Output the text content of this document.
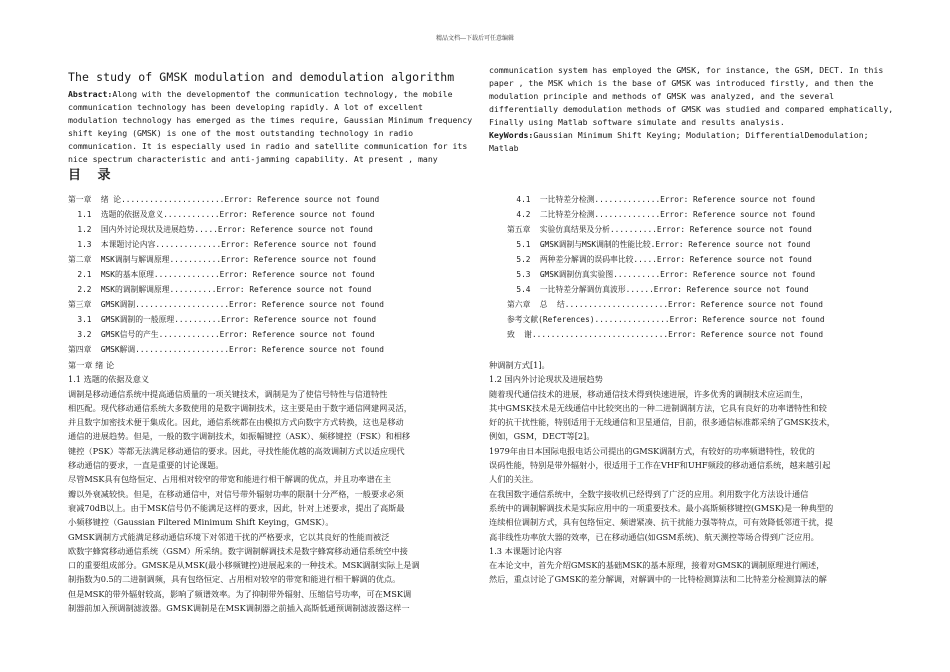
精品文档---下载后可任意编辑
The study of GMSK modulation and demodulation algorithm
Abstract:Along with the developmentof the communication technology, the mobile
communication technology has been developing rapidly. A lot of excellent
modulation technology has emerged as the times require, Gaussian Minimum frequency
shift keying (GMSK) is one of the most outstanding technology in radio
communication. It is especially used in radio and satellite communication for its
nice spectrum characteristic and anti-jamming capability. At present , many
communication system has employed the GMSK, for instance, the GSM, DECT. In this
paper , the MSK which is the base of GMSK was introduced firstly, and then the
modulation principle and methods of GMSK was analyzed, and the several
differentially demodulation methods of GMSK was studied and compared emphatically,
Finally using Matlab software simulate and results analysis.
KeyWords:Gaussian Minimum Shift Keying; Modulation; DifferentialDemodulation;
Matlab
目 录
第一章  绪 论......................Error: Reference source not found
1.1  选题的依据及意义............Error: Reference source not found
1.2  国内外讨论现状及进展趋势.....Error: Reference source not found
1.3  本课题讨论内容..............Error: Reference source not found
第二章  MSK调制与解调原理...........Error: Reference source not found
2.1  MSK的基本原理..............Error: Reference source not found
2.2  MSK的调制解调原理..........Error: Reference source not found
第三章  GMSK调制....................Error: Reference source not found
3.1  GMSK调制的一般原理..........Error: Reference source not found
3.2  GMSK信号的产生.............Error: Reference source not found
第四章  GMSK解调....................Error: Reference source not found
4.1  一比特差分检测..............Error: Reference source not found
4.2  二比特差分检测..............Error: Reference source not found
第五章  实验仿真结果及分析..........Error: Reference source not found
5.1  GMSK调制与MSK调制的性能比较.Error: Reference source not found
5.2  两种差分解调的误码率比较.....Error: Reference source not found
5.3  GMSK调制仿真实验图..........Error: Reference source not found
5.4  一比特差分解调仿真波形......Error: Reference source not found
第六章  总  结......................Error: Reference source not found
参考文献(References)................Error: Reference source not found
致  谢.............................Error: Reference source not found

第一章 绪 论

1.1 选题的依据及意义

调制是移动通信系统中提高通信质量的一项关键技术，调制是为了使信号特性与信道特性

相匹配。现代移动通信系统大多数使用的是数字调制技术，这主要是由于数字通信网建网灵活，

并且数字加密技术便于集成化。因此，通信系统都在由模拟方式向数字方式转换，这也是移动

通信的进展趋势。但是，一般的数字调制技术，如振幅键控（ASK）、频移键控（FSK）和相移

键控（PSK）等都无法满足移动通信的要求。因此，寻找性能优越的高效调制方式以适应现代

移动通信的要求，一直是重要的讨论课题。

尽管MSK具有包络恒定、占用相对较窄的带宽和能进行相干解调的优点，并且功率谱在主

瓣以外衰减较快。但是，在移动通信中，对信号带外辐射功率的限制十分严格，一般要求必须

衰减70dB以上。由于MSK信号仍不能满足这样的要求，因此，针对上述要求，提出了高斯最

小频移键控（Gaussian Filtered Minimum Shift Keying，GMSK）。

GMSK调制方式能满足移动通信环境下对邻道干扰的严格要求，它以其良好的性能而被泛

欧数字蜂窝移动通信系统（GSM）所采纳。数字调制解调技术是数字蜂窝移动通信系统空中接

口的重要组成部分。GMSK是从MSK(最小移频键控)进展起来的一种技术。MSK调制实际上是调

制指数为0.5的二进制调频，具有包络恒定、占用相对较窄的带宽和能进行相干解调的优点。

但是MSK的带外辐射较高，影响了频谱效率。为了抑制带外辐射、压缩信号功率，可在MSK调

制器前加入预调制滤波器。GMSK调制是在MSK调制器之前插入高斯低通预调制滤波器这样一

种调制方式[1]。

1.2 国内外讨论现状及进展趋势

随着现代通信技术的进展，移动通信技术得到快速进展，许多优秀的调制技术应运而生，

其中GMSK技术是无线通信中比较突出的一种二进制调制方法，它具有良好的功率谱特性和较

好的抗干扰性能，特别适用于无线通信和卫星通信，目前，很多通信标准都采纳了GMSK技术，

例如，GSM，DECT等[2]。

1979年由日本国际电报电话公司提出的GMSK调制方式，有较好的功率频谱特性，较优的

误码性能，特别是带外辐射小，很适用于工作在VHF和UHF频段的移动通信系统，越来越引起

人们的关注。

在我国数字通信系统中，全数字接收机已经得到了广泛的应用。利用数字化方法设计通信

系统中的调制解调技术是实际应用中的一项重要技术。最小高斯频移键控(GMSK)是一种典型的

连续相位调制方式，具有包络恒定、频谱紧凑、抗干扰能力强等特点，可有效降低邻道干扰，提

高非线性功率放大器的效率，已在移动通信(如GSM系统)、航天测控等场合得到广泛应用。

1.3 本课题讨论内容

在本论文中，首先介绍GMSK的基础MSK的基本原理，接着对GMSK的调制原理进行阐述，

然后，重点讨论了GMSK的差分解调，对解调中的一比特检测算法和二比特差分检测算法的解
